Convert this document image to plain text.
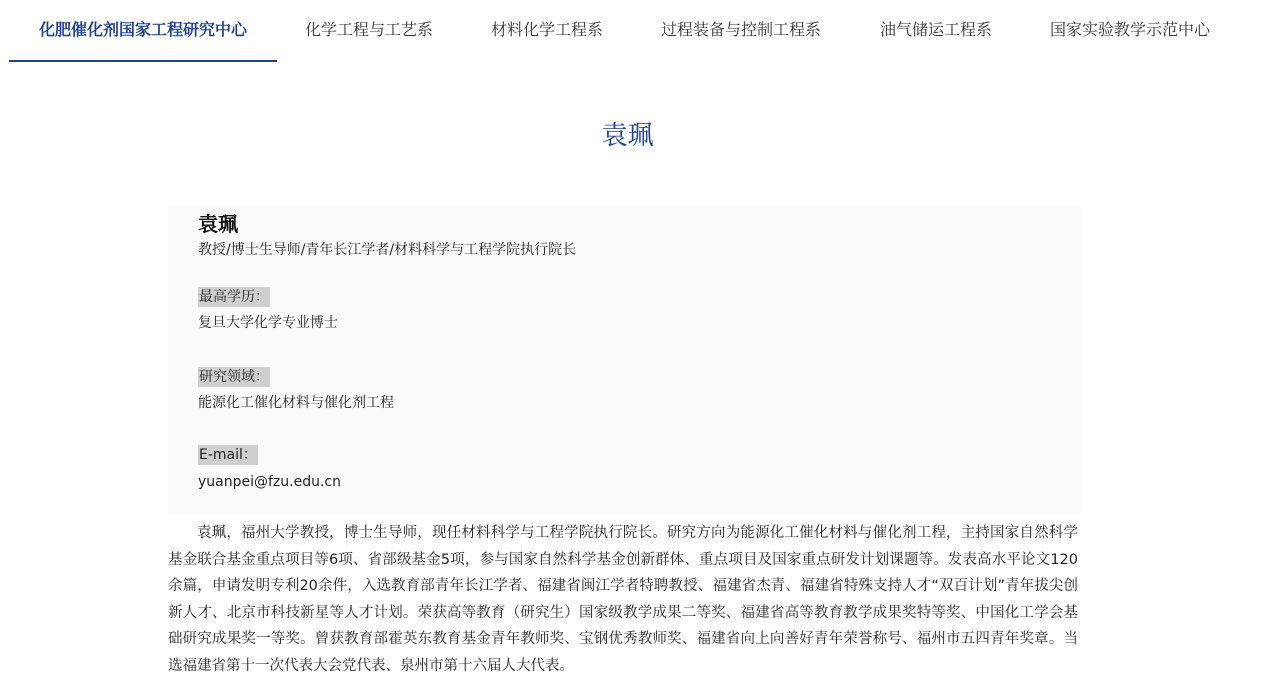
化肥催化剂国家工程研究中心	化学工程与工艺系	材料化学工程系	过程装备与控制工程系	油气储运工程系	国家实验教学示范中心
袁珮
袁珮
教授/博士生导师/青年长江学者/材料科学与工程学院执行院长
最高学历：
复旦大学化学专业博士
研究领域：
能源化工催化材料与催化剂工程
E-mail：
yuanpei@fzu.edu.cn

袁珮，福州大学教授，博士生导师，现任材料科学与工程学院执行院长。研究方向为能源化工催化材料与催化剂工程，主持国家自然科学基金联合基金重点项目等6项、省部级基金5项，参与国家自然科学基金创新群体、重点项目及国家重点研发计划课题等。发表高水平论文120余篇，申请发明专利20余件，入选教育部青年长江学者、福建省闽江学者特聘教授、福建省杰青、福建省特殊支持人才“双百计划”青年拔尖创新人才、北京市科技新星等人才计划。荣获高等教育（研究生）国家级教学成果二等奖、福建省高等教育教学成果奖特等奖、中国化工学会基础研究成果奖一等奖。曾获教育部霍英东教育基金青年教师奖、宝钢优秀教师奖、福建省向上向善好青年荣誉称号、福州市五四青年奖章。当选福建省第十一次代表大会党代表、泉州市第十六届人大代表。
